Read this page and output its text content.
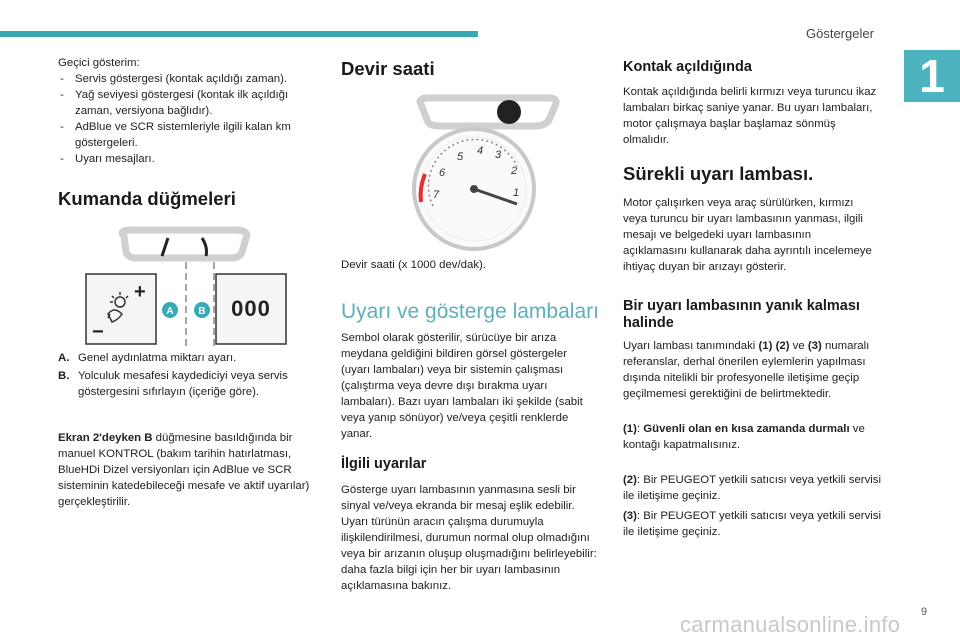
Göstergeler
1

Geçici gösterim:

- Servis göstergesi (kontak açıldığı zaman).
- Yağ seviyesi göstergesi (kontak ilk açıldığı zaman, versiyona bağlıdır).
- AdBlue ve SCR sistemleriyle ilgili kalan km göstergeleri.
- Uyarı mesajları.
Kumanda düğmeleri
+
−
A B 000
A. Genel aydınlatma miktarı ayarı.
B. Yolculuk mesafesi kaydediciyi veya servis göstergesini sıfırlayın (içeriğe göre).

Ekran 2'deyken B düğmesine basıldığında bir manuel KONTROL (bakım tarihin hatırlatması, BlueHDi Dizel versiyonları için AdBlue ve SCR sisteminin katedebileceği mesafe ve aktif uyarılar) gerçekleştirilir.

Devir saati
1
2
3
4
5
6
7

Devir saati (x 1000 dev/dak).

Uyarı ve gösterge lambaları

Sembol olarak gösterilir, sürücüye bir arıza meydana geldiğini bildiren görsel göstergeler (uyarı lambaları) veya bir sistemin çalışması (çalıştırma veya devre dışı bırakma uyarı lambaları). Bazı uyarı lambaları iki şekilde (sabit veya yanıp sönüyor) ve/veya çeşitli renklerde yanar.

İlgili uyarılar

Gösterge uyarı lambasının yanmasına sesli bir sinyal ve/veya ekranda bir mesaj eşlik edebilir. Uyarı türünün aracın çalışma durumuyla ilişkilendirilmesi, durumun normal olup olmadığını veya bir arızanın oluşup oluşmadığını belirleyebilir: daha fazla bilgi için her bir uyarı lambasının açıklamasına bakınız.

Kontak açıldığında

Kontak açıldığında belirli kırmızı veya turuncu ikaz lambaları birkaç saniye yanar. Bu uyarı lambaları, motor çalışmaya başlar başlamaz sönmüş olmalıdır.

Sürekli uyarı lambası.

Motor çalışırken veya araç sürülürken, kırmızı veya turuncu bir uyarı lambasının yanması, ilgili mesajı ve belgedeki uyarı lambasının açıklamasını kullanarak daha ayrıntılı incelemeye ihtiyaç duyan bir arızayı gösterir.

Bir uyarı lambasının yanık kalması halinde

Uyarı lambası tanımındaki (1) (2) ve (3) numaralı referanslar, derhal önerilen eylemlerin yapılması dışında nitelikli bir profesyonelle iletişime geçip geçilmemesi gerektiğini de belirtmektedir.

(1): Güvenli olan en kısa zamanda durmalı ve kontağı kapatmalısınız.

(2): Bir PEUGEOT yetkili satıcısı veya yetkili servisi ile iletişime geçiniz.

(3): Bir PEUGEOT yetkili satıcısı veya yetkili servisi ile iletişime geçiniz.

carmanualsonline.info 9
